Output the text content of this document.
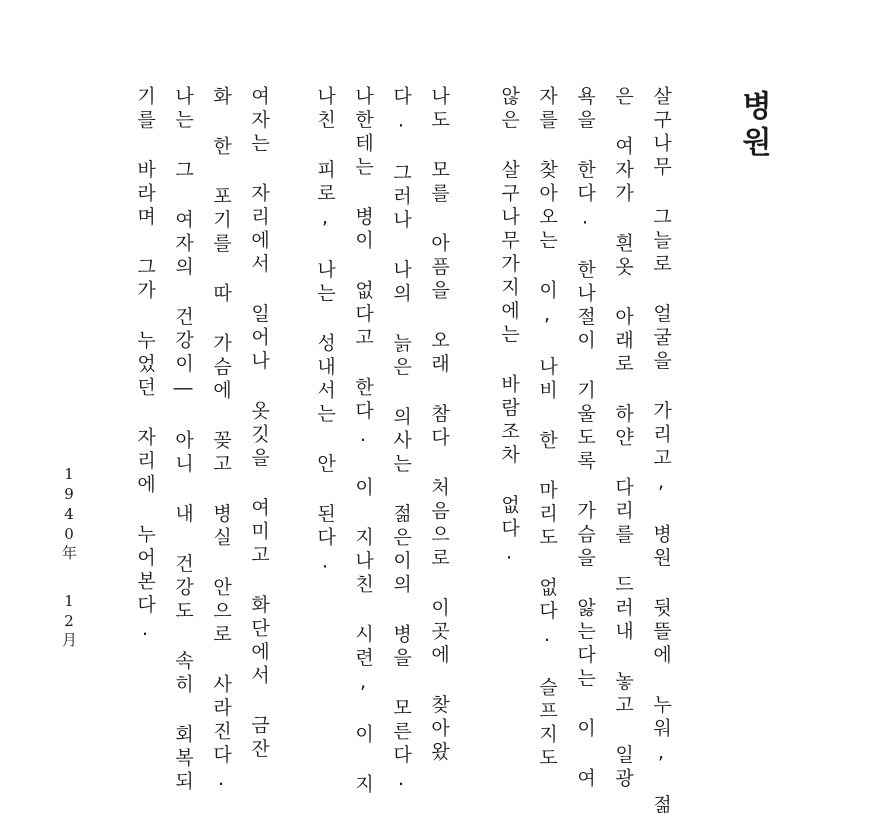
병원

살구나무 그늘로 얼굴을 가리고, 병원 뒷뜰에 누워, 젊

은 여자가 흰옷 아래로 하얀 다리를 드러내 놓고 일광

욕을 한다. 한나절이 기울도록 가슴을 앓는다는 이 여

자를 찾아오는 이, 나비 한 마리도 없다. 슬프지도

않은 살구나무가지에는 바람조차 없다.

나도 모를 아픔을 오래 참다 처음으로 이곳에 찾아왔

다. 그러나 나의 늙은 의사는 젊은이의 병을 모른다.

나한테는 병이 없다고 한다. 이 지나친 시련, 이 지

나친 피로, 나는 성내서는 안 된다.

여자는 자리에서 일어나 옷깃을 여미고 화단에서 금잔

화 한 포기를 따 가슴에 꽂고 병실 안으로 사라진다.

나는 그 여자의 건강이― 아니 내 건강도 속히 회복되

기를 바라며 그가 누었던 자리에 누어본다.

1940年

12月
